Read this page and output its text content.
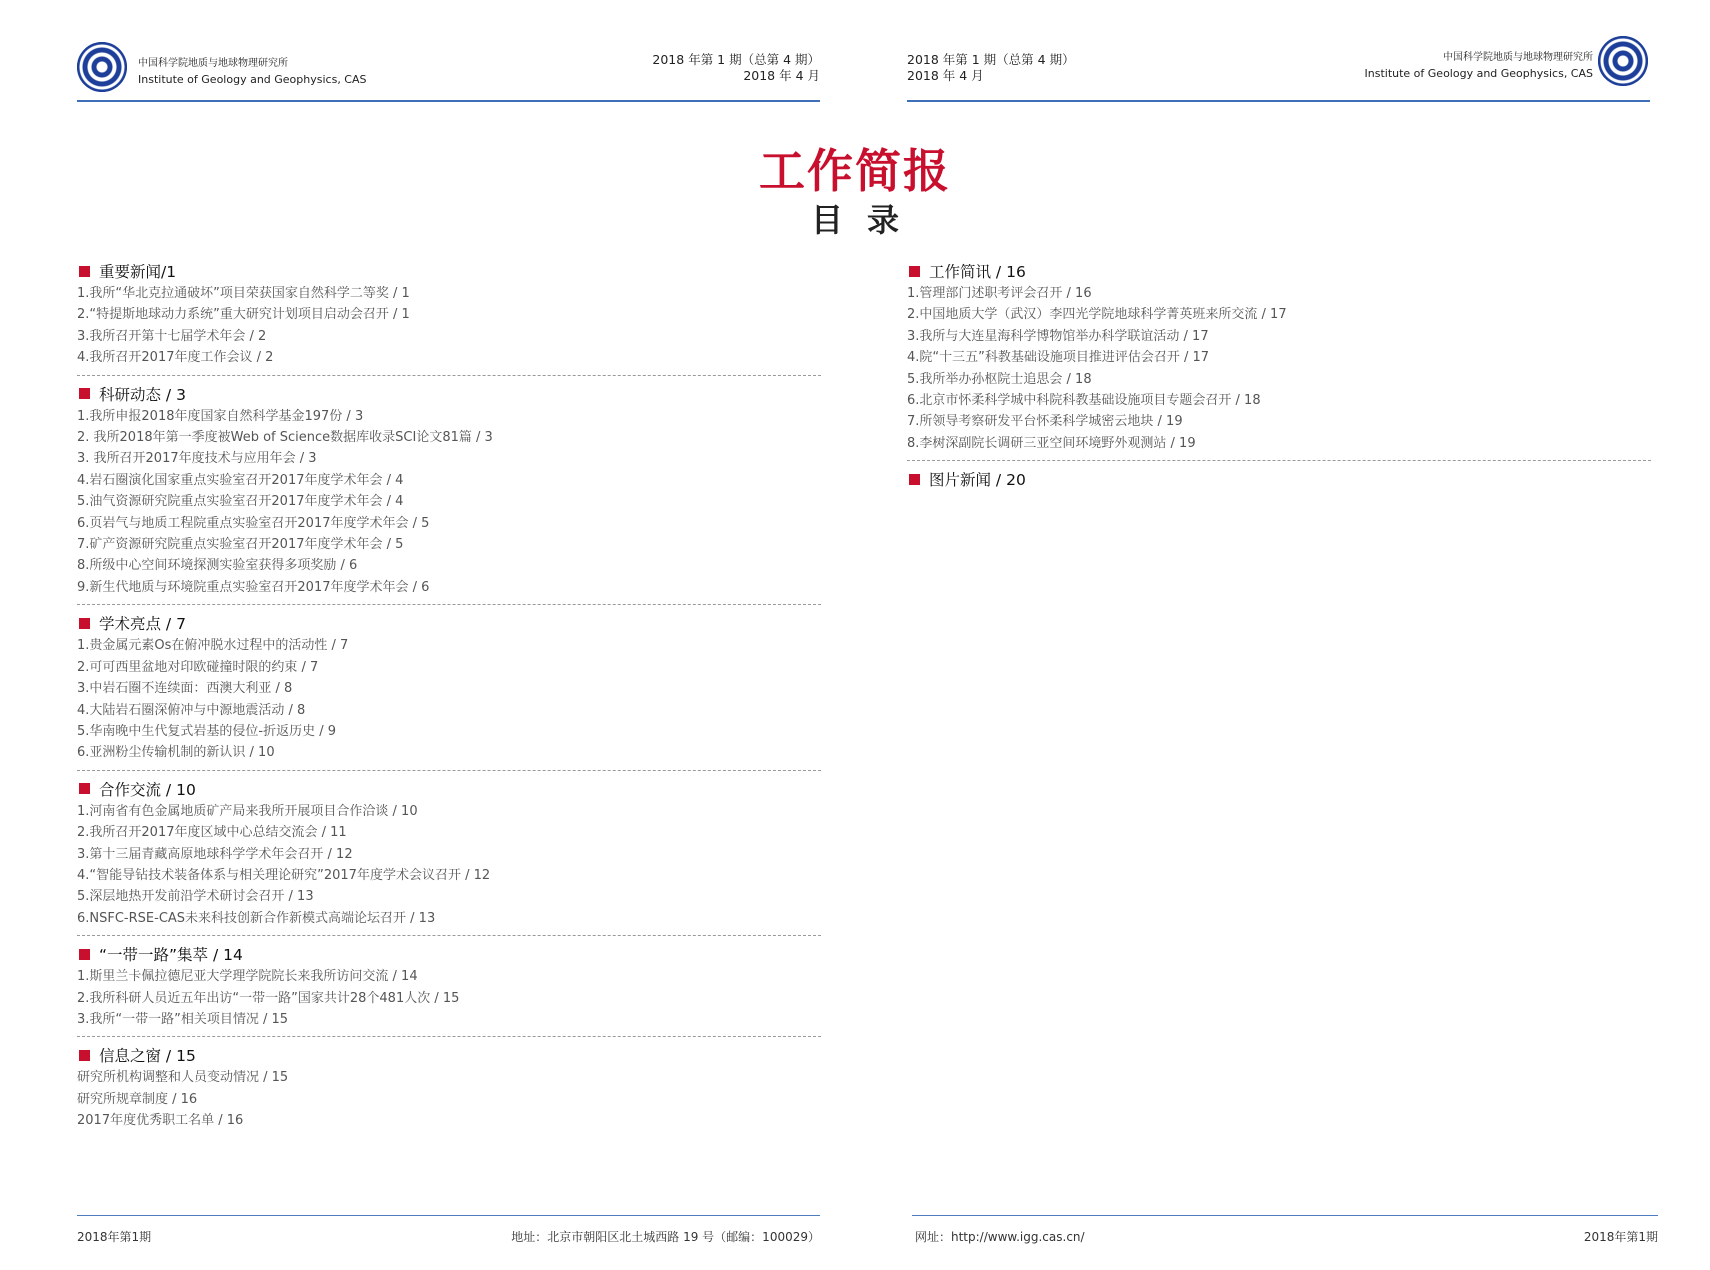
中国科学院地质与地球物理研究所
Institute of Geology and Geophysics, CAS
2018 年第 1 期（总第 4 期）
2018 年 4 月
2018 年第 1 期（总第 4 期）
2018 年 4 月
中国科学院地质与地球物理研究所
Institute of Geology and Geophysics, CAS
工作简报
目录
重要新闻/1
1.我所“华北克拉通破坏”项目荣获国家自然科学二等奖 / 1
2.“特提斯地球动力系统”重大研究计划项目启动会召开 / 1
3.我所召开第十七届学术年会 / 2
4.我所召开2017年度工作会议 / 2
科研动态 / 3
1.我所申报2018年度国家自然科学基金197份 / 3
2. 我所2018年第一季度被Web of Science数据库收录SCI论文81篇 / 3
3. 我所召开2017年度技术与应用年会 / 3
4.岩石圈演化国家重点实验室召开2017年度学术年会 / 4
5.油气资源研究院重点实验室召开2017年度学术年会 / 4
6.页岩气与地质工程院重点实验室召开2017年度学术年会 / 5
7.矿产资源研究院重点实验室召开2017年度学术年会 / 5
8.所级中心空间环境探测实验室获得多项奖励 / 6
9.新生代地质与环境院重点实验室召开2017年度学术年会 / 6
学术亮点 / 7
1.贵金属元素Os在俯冲脱水过程中的活动性 / 7
2.可可西里盆地对印欧碰撞时限的约束 / 7
3.中岩石圈不连续面：西澳大利亚 / 8
4.大陆岩石圈深俯冲与中源地震活动 / 8
5.华南晚中生代复式岩基的侵位-折返历史 / 9
6.亚洲粉尘传输机制的新认识 / 10
合作交流 / 10
1.河南省有色金属地质矿产局来我所开展项目合作洽谈 / 10
2.我所召开2017年度区域中心总结交流会 / 11
3.第十三届青藏高原地球科学学术年会召开 / 12
4.“智能导钻技术装备体系与相关理论研究”2017年度学术会议召开 / 12
5.深层地热开发前沿学术研讨会召开 / 13
6.NSFC-RSE-CAS未来科技创新合作新模式高端论坛召开 / 13
“一带一路”集萃 / 14
1.斯里兰卡佩拉德尼亚大学理学院院长来我所访问交流 / 14
2.我所科研人员近五年出访“一带一路”国家共计28个481人次 / 15
3.我所“一带一路”相关项目情况 / 15
信息之窗 / 15
研究所机构调整和人员变动情况 / 15
研究所规章制度 / 16
2017年度优秀职工名单 / 16
工作简讯 / 16
1.管理部门述职考评会召开 / 16
2.中国地质大学（武汉）李四光学院地球科学菁英班来所交流 / 17
3.我所与大连星海科学博物馆举办科学联谊活动 / 17
4.院“十三五”科教基础设施项目推进评估会召开 / 17
5.我所举办孙枢院士追思会 / 18
6.北京市怀柔科学城中科院科教基础设施项目专题会召开 / 18
7.所领导考察研发平台怀柔科学城密云地块 / 19
8.李树深副院长调研三亚空间环境野外观测站 / 19
图片新闻 / 20
2018年第1期	地址：北京市朝阳区北土城西路 19 号（邮编：100029）	网址：http://www.igg.cas.cn/	2018年第1期
